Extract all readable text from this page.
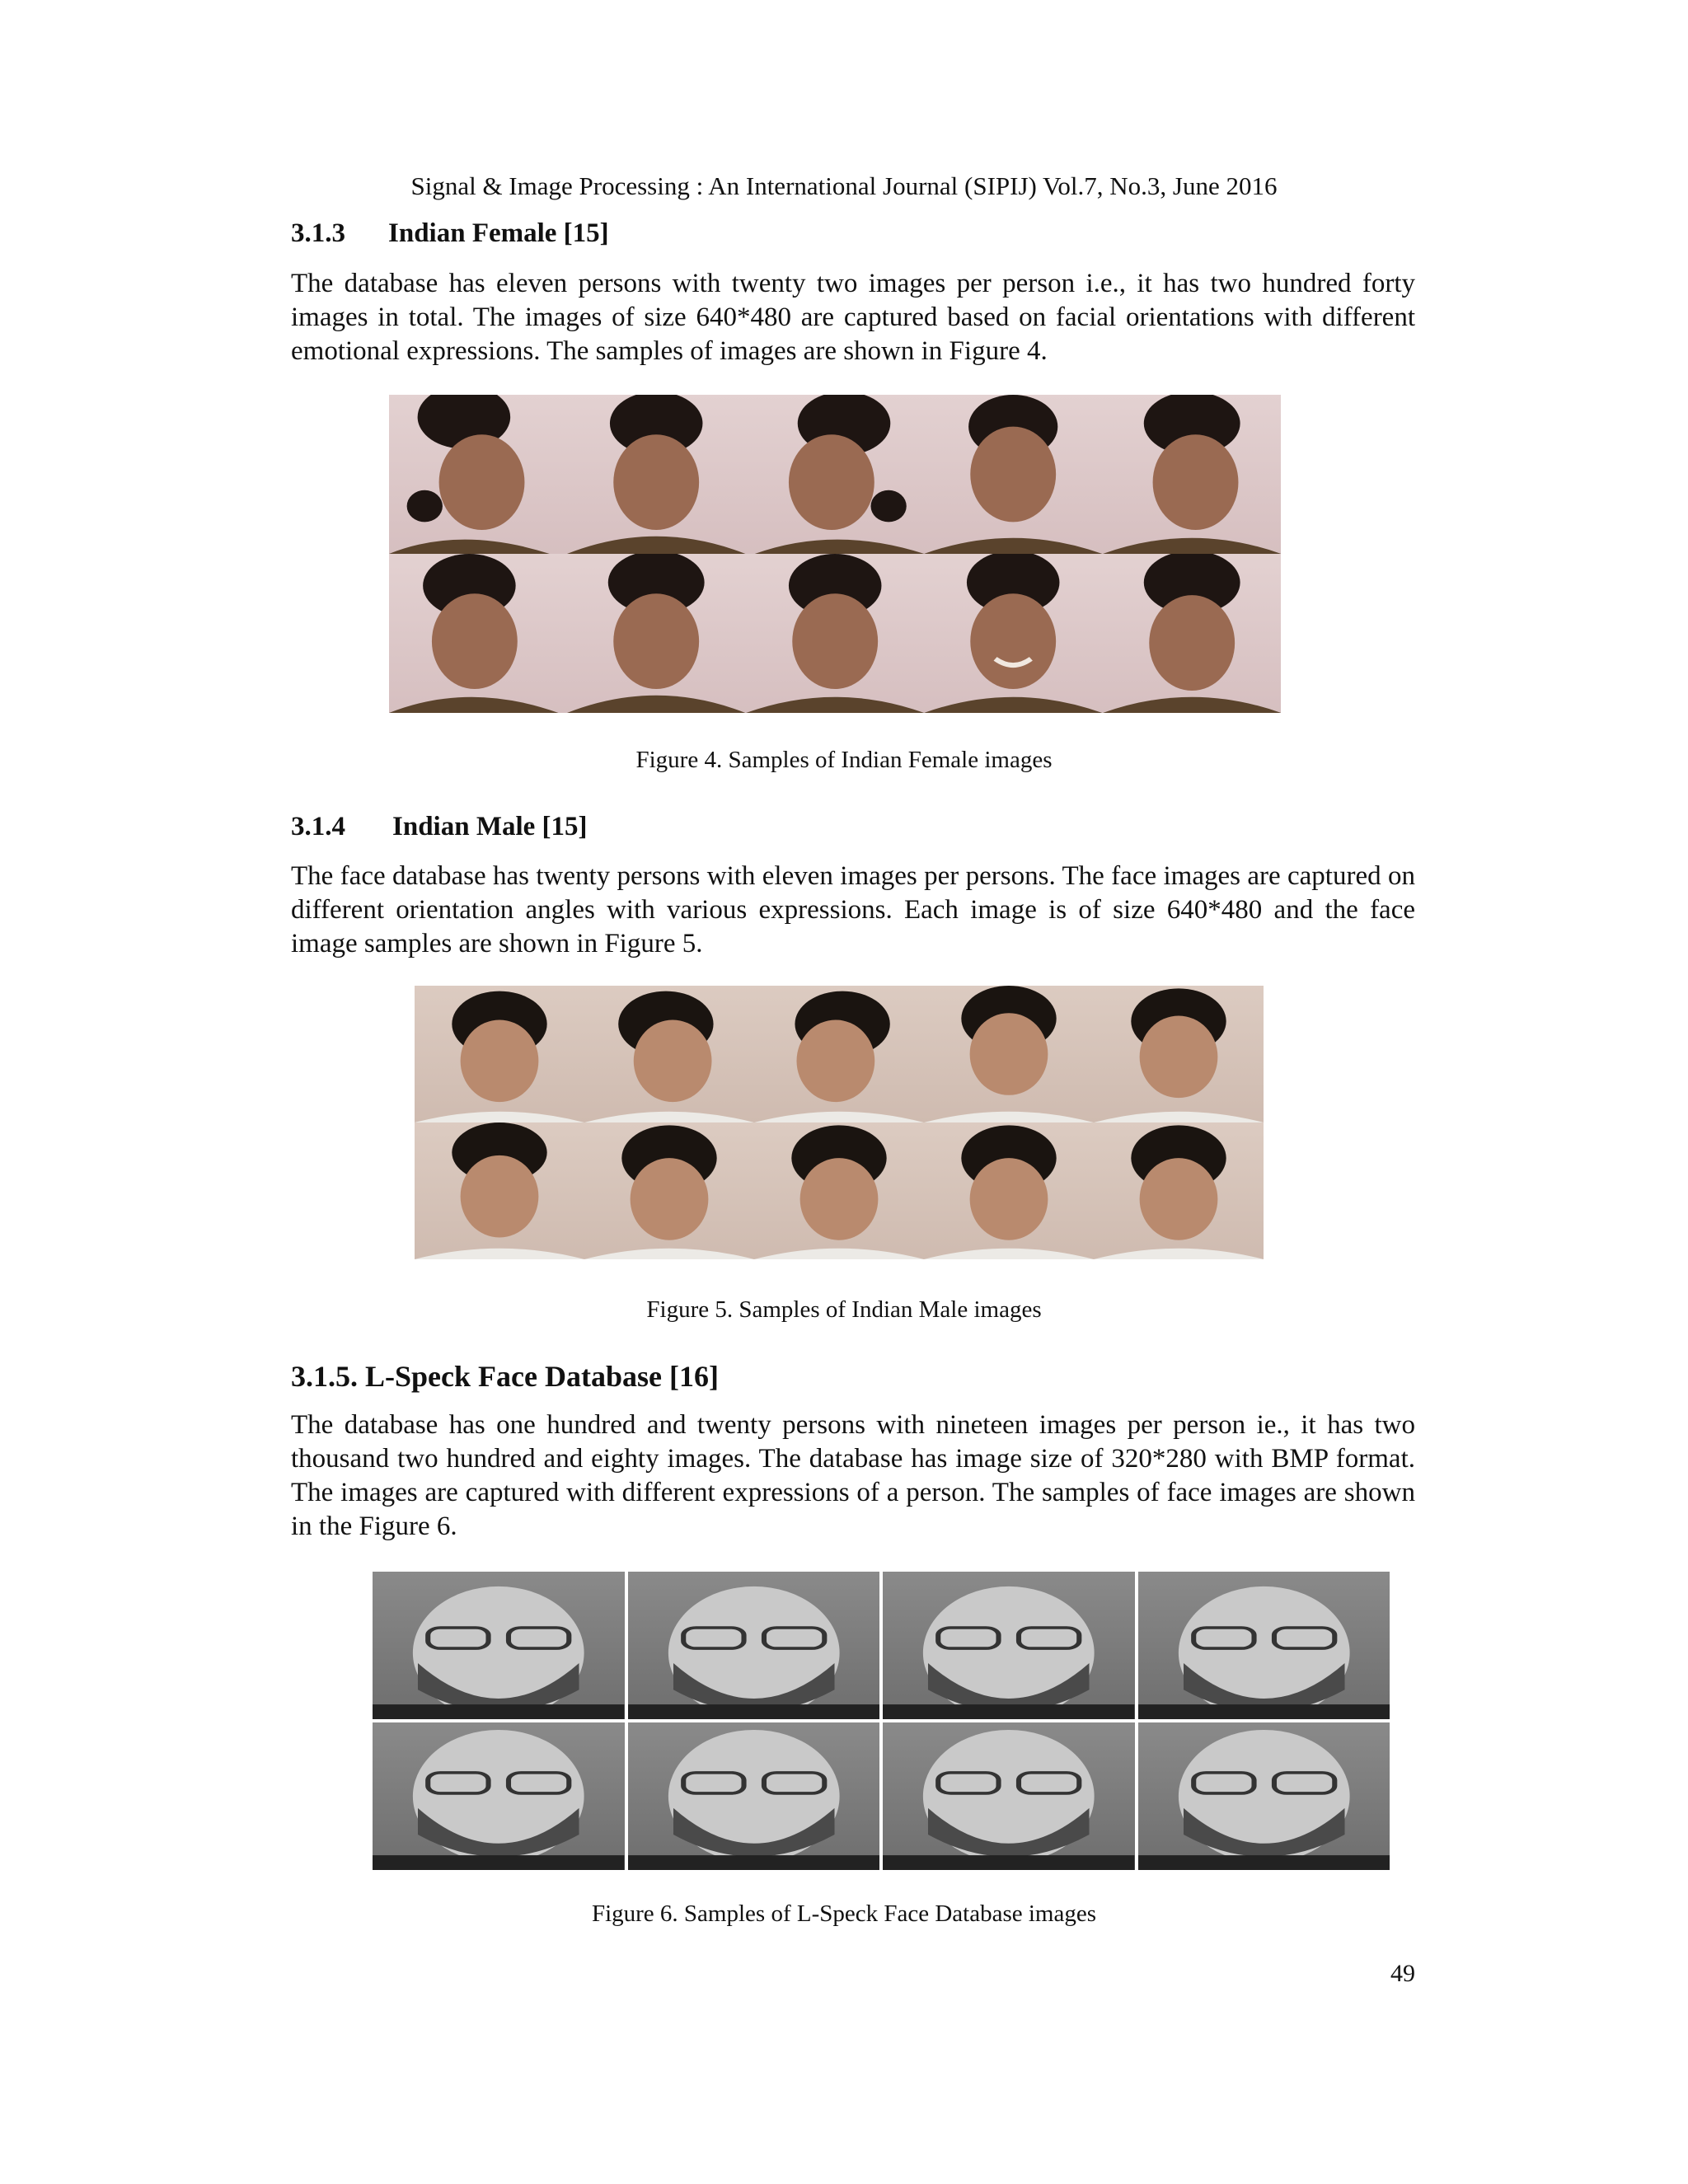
Signal & Image Processing : An International Journal (SIPIJ) Vol.7, No.3, June 2016
3.1.3 Indian Female [15]
The database has eleven persons with twenty two images per person i.e., it has two hundred forty images in total. The images of size 640*480 are captured based on facial orientations with different emotional expressions. The samples of images are shown in Figure 4.
Figure 4. Samples of Indian Female images
3.1.4 Indian Male [15]
The face database has twenty persons with eleven images per persons. The face images are captured on different orientation angles with various expressions. Each image is of size 640*480 and the face image samples are shown in Figure 5.
Figure 5. Samples of Indian Male images
3.1.5. L-Speck Face Database [16]
The database has one hundred and twenty persons with nineteen images per person ie., it has two thousand two hundred and eighty images. The database has image size of 320*280 with BMP format. The images are captured with different expressions of a person. The samples of face images are shown in the Figure 6.
Figure 6. Samples of L-Speck Face Database images
49
